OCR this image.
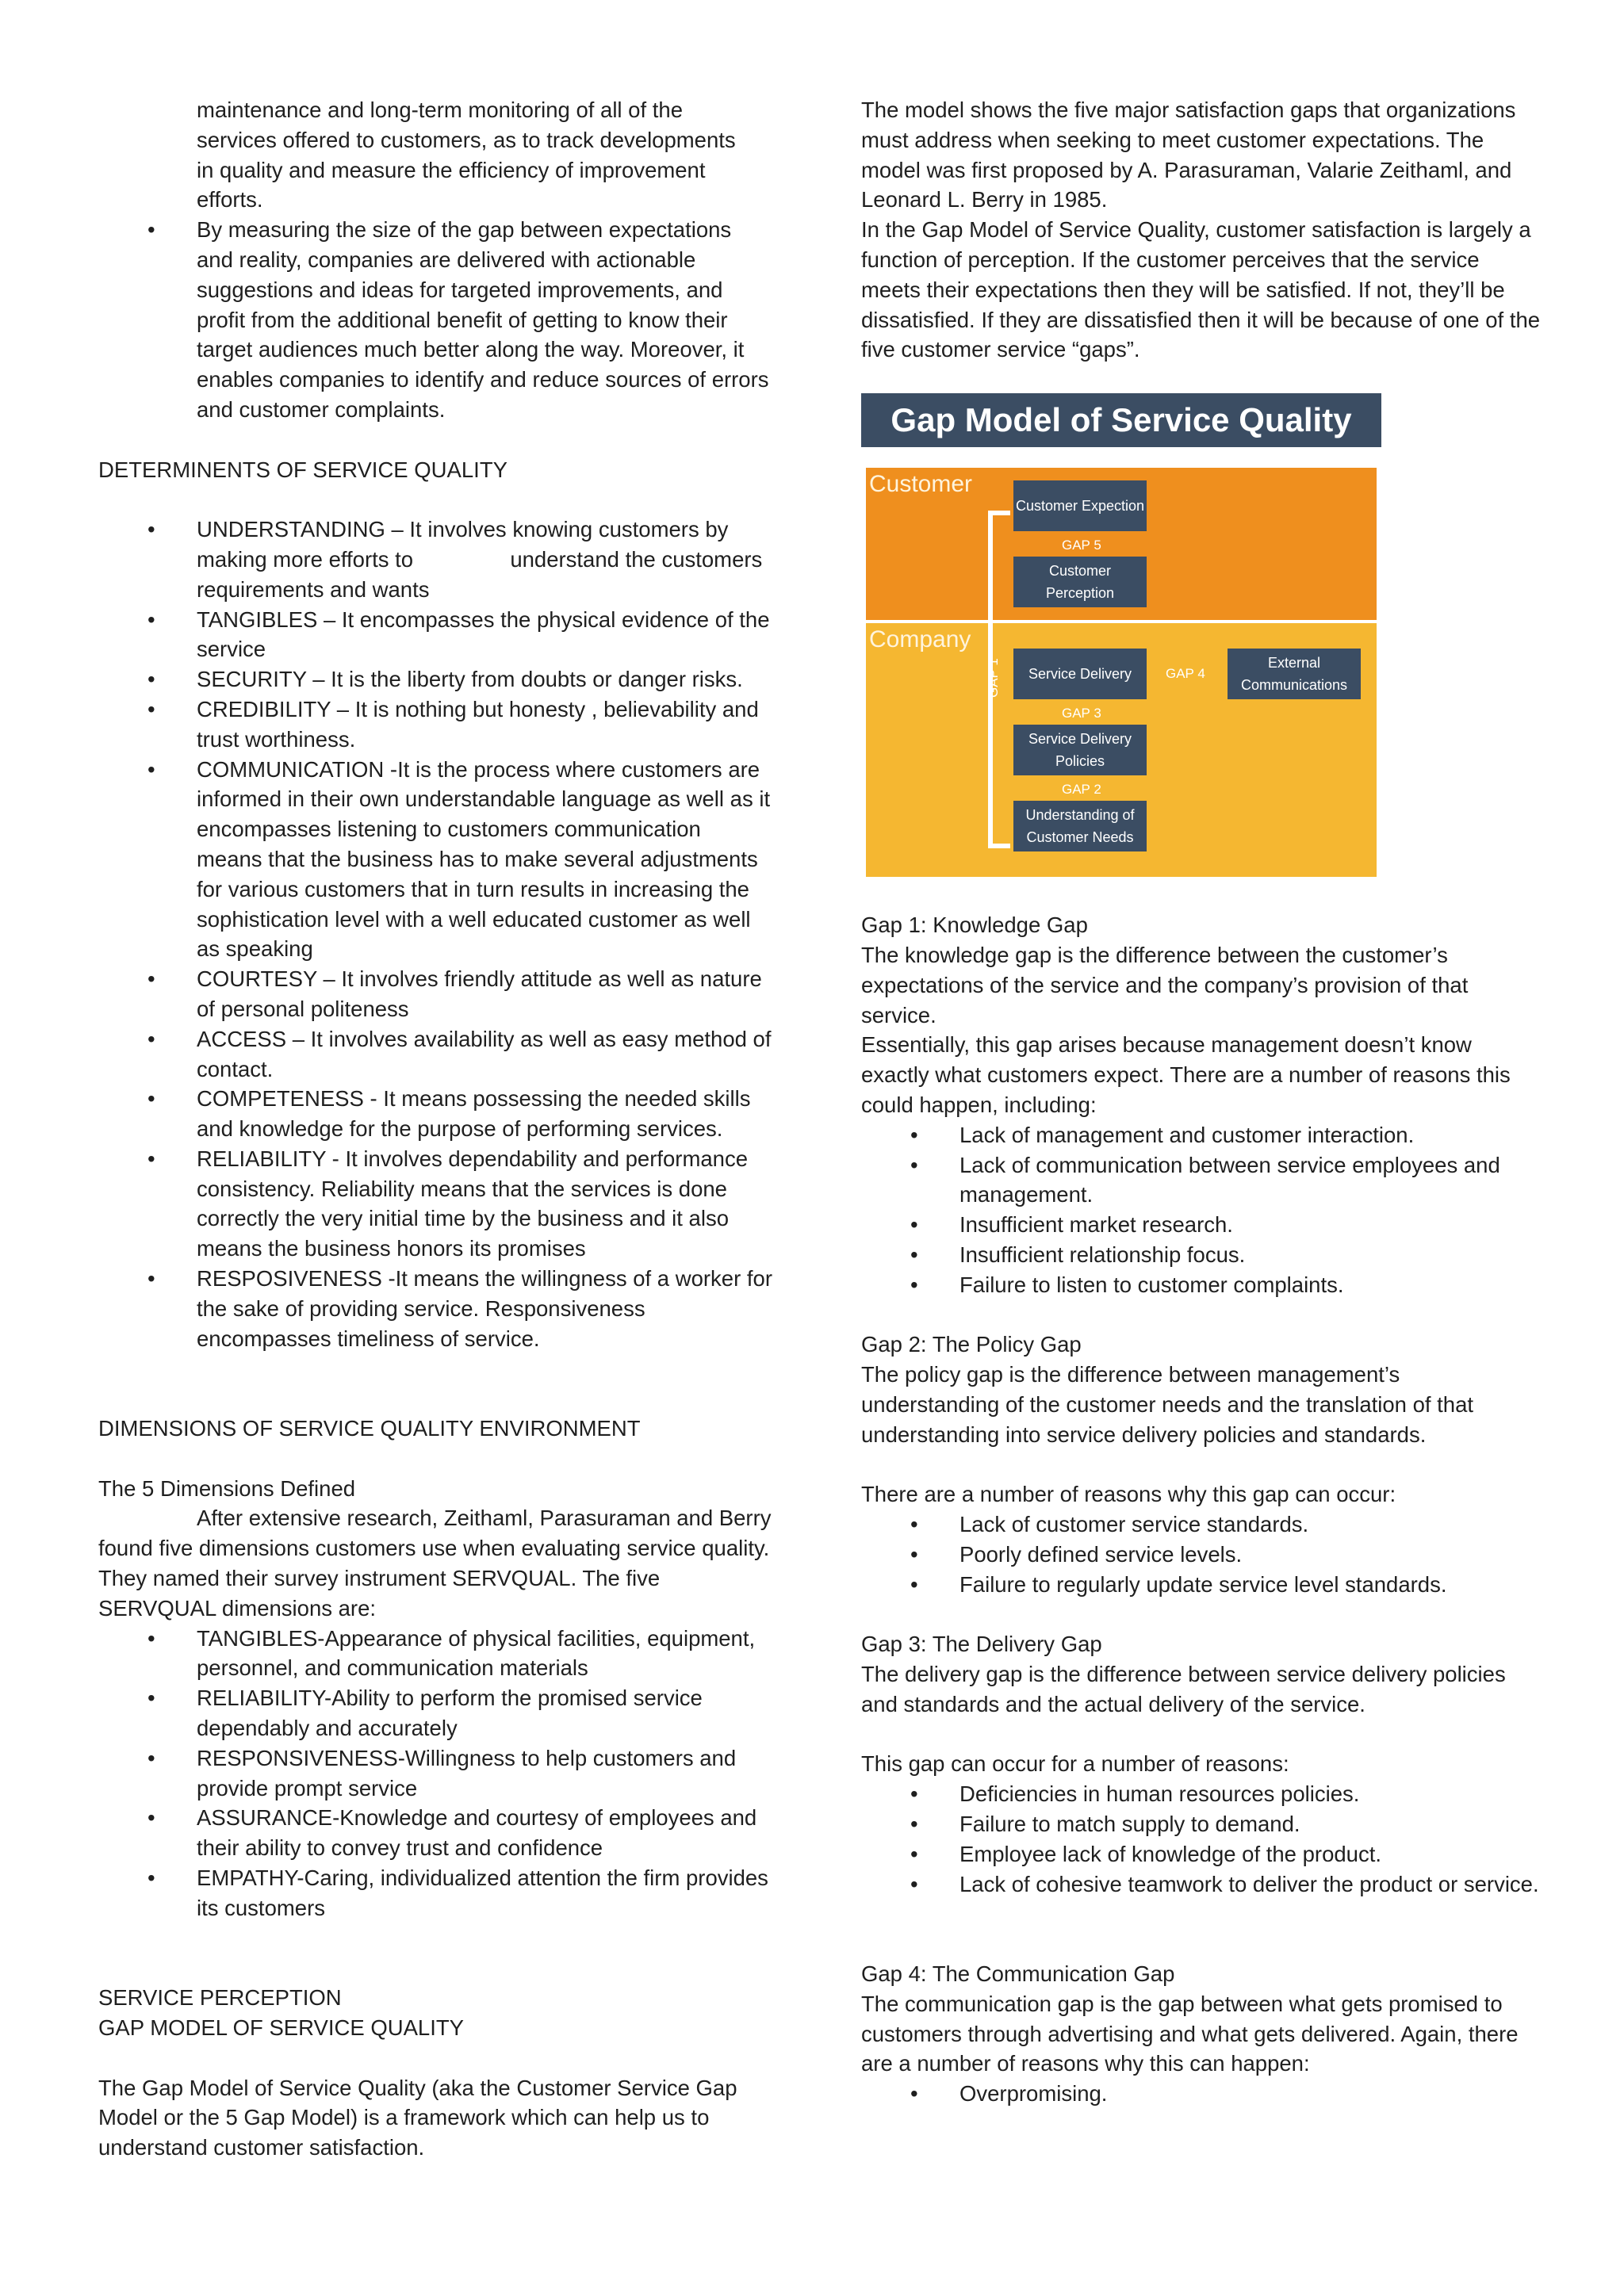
maintenance and long-term monitoring of all of the

services offered to customers, as to track developments

in quality and measure the efficiency of improvement

efforts.

• By measuring the size of the gap between expectations and reality, companies are delivered with actionable suggestions and ideas for targeted improvements, and profit from the additional benefit of getting to know their target audiences much better along the way. Moreover, it enables companies to identify and reduce sources of errors and customer complaints.

DETERMINENTS OF SERVICE QUALITY

• UNDERSTANDING – It involves knowing customers by making more efforts to                understand the customers requirements and wants
• TANGIBLES – It encompasses the physical evidence of the service
• SECURITY – It is the liberty from doubts or danger risks.
• CREDIBILITY – It is nothing but honesty , believability and trust worthiness.
• COMMUNICATION -It is the process where customers are informed in their own understandable language as well as it encompasses listening to customers communication means that the business has to make several adjustments for various customers that in turn results in increasing the sophistication level with a well educated customer as well as speaking
• COURTESY – It involves friendly attitude as well as nature of personal politeness
• ACCESS – It involves availability as well as easy method of contact.
• COMPETENESS - It means possessing the needed skills and knowledge for the purpose of performing services.
• RELIABILITY - It involves dependability and performance consistency. Reliability means that the services is done correctly the very initial time by the business and it also means the business honors its promises
• RESPOSIVENESS -It means the willingness of a worker for the sake of providing service. Responsiveness encompasses timeliness of service.

DIMENSIONS OF SERVICE QUALITY ENVIRONMENT

The 5 Dimensions Defined

After extensive research, Zeithaml, Parasuraman and Berry found five dimensions customers use when evaluating service quality. They named their survey instrument SERVQUAL. The five SERVQUAL dimensions are:

• TANGIBLES-Appearance of physical facilities, equipment, personnel, and communication materials
• RELIABILITY-Ability to perform the promised service dependably and accurately
• RESPONSIVENESS-Willingness to help customers and provide prompt service
• ASSURANCE-Knowledge and courtesy of employees and their ability to convey trust and confidence
• EMPATHY-Caring, individualized attention the firm provides its customers

SERVICE PERCEPTION

GAP MODEL OF SERVICE QUALITY

The Gap Model of Service Quality (aka the Customer Service Gap Model or the 5 Gap Model) is a framework which can help us to understand customer satisfaction.

The model shows the five major satisfaction gaps that organizations must address when seeking to meet customer expectations. The model was first proposed by A. Parasuraman, Valarie Zeithaml, and Leonard L. Berry in 1985.

In the Gap Model of Service Quality, customer satisfaction is largely a function of perception. If the customer perceives that the service meets their expectations then they will be satisfied. If not, they’ll be dissatisfied. If they are dissatisfied then it will be because of one of the five customer service “gaps”.

Gap Model of Service Quality
Customer
Company
GAP 1
Customer Expection
GAP 5
Customer Perception
Service Delivery	GAP 4
External Communications
GAP 3
Service Delivery Policies
GAP 2
Understanding of Customer Needs

Gap 1: Knowledge Gap

The knowledge gap is the difference between the customer’s expectations of the service and the company’s provision of that service.

Essentially, this gap arises because management doesn’t know exactly what customers expect. There are a number of reasons this could happen, including:

• Lack of management and customer interaction.
• Lack of communication between service employees and management.
• Insufficient market research.
• Insufficient relationship focus.
• Failure to listen to customer complaints.

Gap 2: The Policy Gap

The policy gap is the difference between management’s understanding of the customer needs and the translation of that understanding into service delivery policies and standards.

There are a number of reasons why this gap can occur:

• Lack of customer service standards.
• Poorly defined service levels.
• Failure to regularly update service level standards.

Gap 3: The Delivery Gap

The delivery gap is the difference between service delivery policies and standards and the actual delivery of the service.

This gap can occur for a number of reasons:

• Deficiencies in human resources policies.
• Failure to match supply to demand.
• Employee lack of knowledge of the product.
• Lack of cohesive teamwork to deliver the product or service.

Gap 4: The Communication Gap

The communication gap is the gap between what gets promised to customers through advertising and what gets delivered. Again, there are a number of reasons why this can happen:

• Overpromising.
